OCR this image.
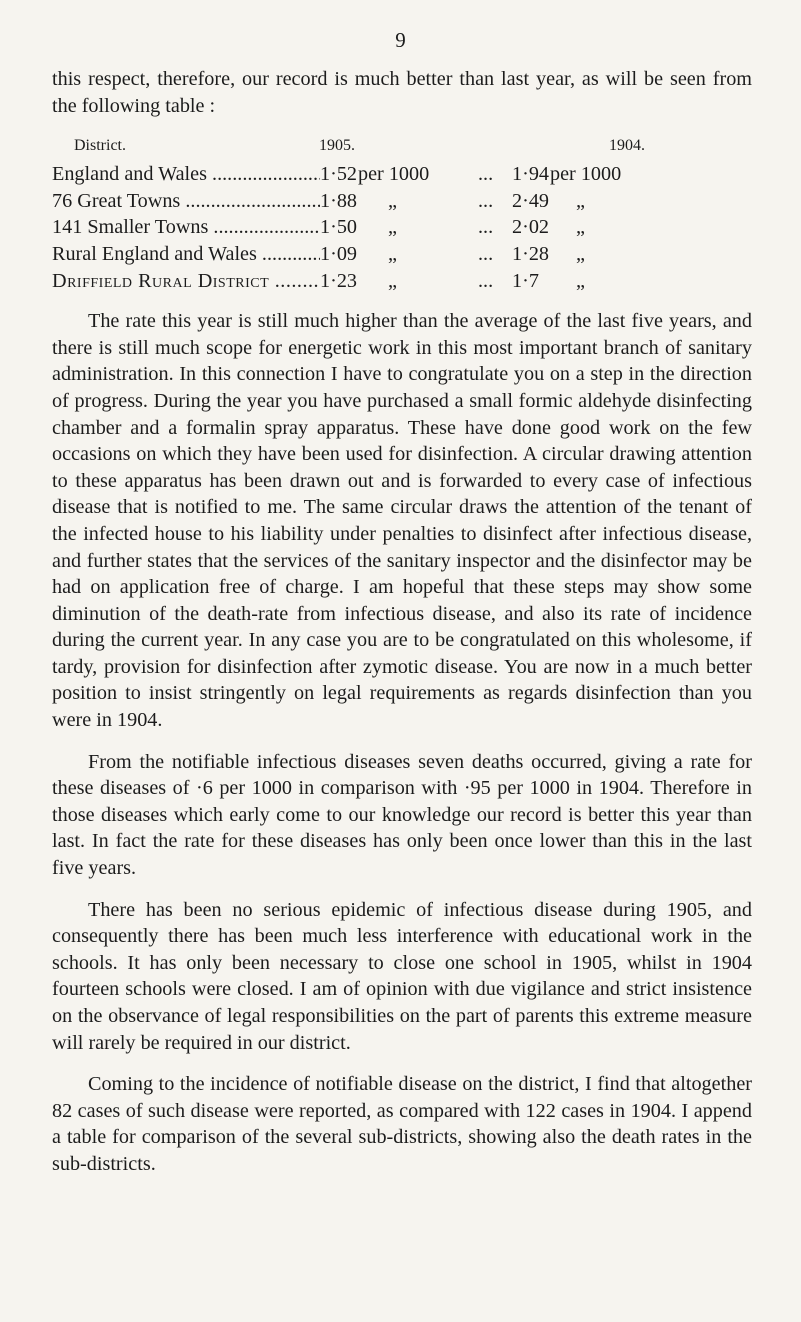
9

this respect, therefore, our record is much better than last year, as will be seen from the following table :

District.	1905.	1904.
England and Wales .....	1·52 per 1000	... 1·94 per 1000
76 Great Towns .....	1·88	„	... 2·49	„
141 Smaller Towns .....	1·50	„	... 2·02	„
Rural England and Wales .....	1·09	„	... 1·28	„
Driffield Rural District .....	1·23	„	... 1·7	„

The rate this year is still much higher than the average of the last five years, and there is still much scope for energetic work in this most important branch of sanitary administration. In this connection I have to congratulate you on a step in the direction of progress. During the year you have purchased a small formic aldehyde disinfecting chamber and a formalin spray apparatus. These have done good work on the few occasions on which they have been used for disinfection. A circular drawing attention to these apparatus has been drawn out and is forwarded to every case of infectious disease that is notified to me. The same circular draws the attention of the tenant of the infected house to his liability under penalties to disinfect after infectious disease, and further states that the services of the sanitary inspector and the disinfector may be had on application free of charge. I am hopeful that these steps may show some diminution of the death-rate from infectious disease, and also its rate of incidence during the current year. In any case you are to be congratulated on this wholesome, if tardy, provision for disinfection after zymotic disease. You are now in a much better position to insist stringently on legal requirements as regards disinfection than you were in 1904.

From the notifiable infectious diseases seven deaths occurred, giving a rate for these diseases of ·6 per 1000 in comparison with ·95 per 1000 in 1904. Therefore in those diseases which early come to our knowledge our record is better this year than last. In fact the rate for these diseases has only been once lower than this in the last five years.

There has been no serious epidemic of infectious disease during 1905, and consequently there has been much less interference with educational work in the schools. It has only been necessary to close one school in 1905, whilst in 1904 fourteen schools were closed. I am of opinion with due vigilance and strict insistence on the observance of legal responsibilities on the part of parents this extreme measure will rarely be required in our district.

Coming to the incidence of notifiable disease on the district, I find that altogether 82 cases of such disease were reported, as compared with 122 cases in 1904. I append a table for comparison of the several sub-districts, showing also the death rates in the sub-districts.
